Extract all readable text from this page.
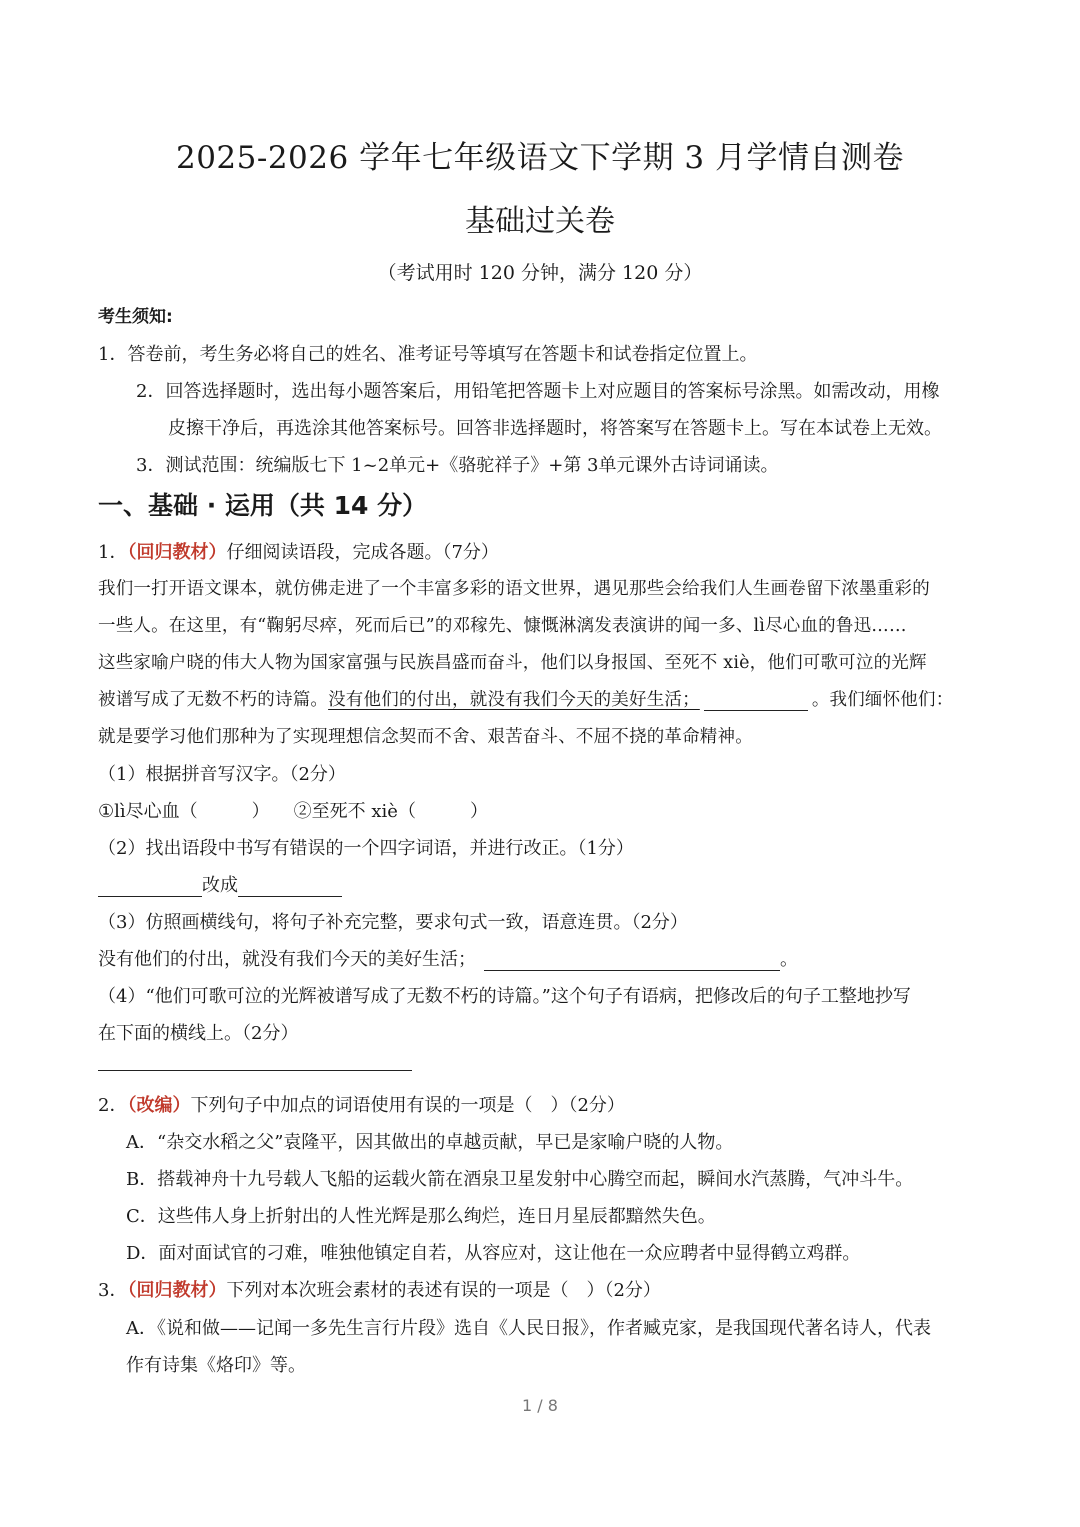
2025-2026 学年七年级语文下学期 3 月学情自测卷
基础过关卷
（考试用时 120 分钟，满分 120 分）
考生须知:
1．答卷前，考生务必将自己的姓名、准考证号等填写在答题卡和试卷指定位置上。
2．回答选择题时，选出每小题答案后，用铅笔把答题卡上对应题目的答案标号涂黑。如需改动，用橡
皮擦干净后，再选涂其他答案标号。回答非选择题时，将答案写在答题卡上。写在本试卷上无效。
3．测试范围：统编版七下 1~2单元+《骆驼祥子》+第 3单元课外古诗词诵读。
一、基础 · 运用（共 14 分）
1．（回归教材）仔细阅读语段，完成各题。（7分）
我们一打开语文课本，就仿佛走进了一个丰富多彩的语文世界，遇见那些会给我们人生画卷留下浓墨重彩的
一些人。在这里，有“鞠躬尽瘁，死而后已”的邓稼先、慷慨淋漓发表演讲的闻一多、lì尽心血的鲁迅……
这些家喻户晓的伟大人物为国家富强与民族昌盛而奋斗，他们以身报国、至死不 xiè，他们可歌可泣的光辉
被谱写成了无数不朽的诗篇。没有他们的付出，就没有我们今天的美好生活；	。我们缅怀他们：
就是要学习他们那种为了实现理想信念契而不舍、艰苦奋斗、不屈不挠的革命精神。
（1）根据拼音写汉字。（2分）
①lì尽心血（　　　） ②至死不 xiè（　　　）
（2）找出语段中书写有错误的一个四字词语，并进行改正。（1分）
改成
（3）仿照画横线句，将句子补充完整，要求句式一致，语意连贯。（2分）
没有他们的付出，就没有我们今天的美好生活；	。
（4）“他们可歌可泣的光辉被谱写成了无数不朽的诗篇。”这个句子有语病，把修改后的句子工整地抄写
在下面的横线上。（2分）
2．（改编）下列句子中加点的词语使用有误的一项是（　）（2分）
A．“杂交水稻之父”袁隆平，因其做出的卓越贡献，早已是家喻户晓的人物。
B．搭载神舟十九号载人飞船的运载火箭在酒泉卫星发射中心腾空而起，瞬间水汽蒸腾，气冲斗牛。
C．这些伟人身上折射出的人性光辉是那么绚烂，连日月星辰都黯然失色。
D．面对面试官的刁难，唯独他镇定自若，从容应对，这让他在一众应聘者中显得鹤立鸡群。
3．（回归教材）下列对本次班会素材的表述有误的一项是（　）（2分）
A．《说和做——记闻一多先生言行片段》选自《人民日报》，作者臧克家，是我国现代著名诗人，代表
作有诗集《烙印》等。
1 / 8
